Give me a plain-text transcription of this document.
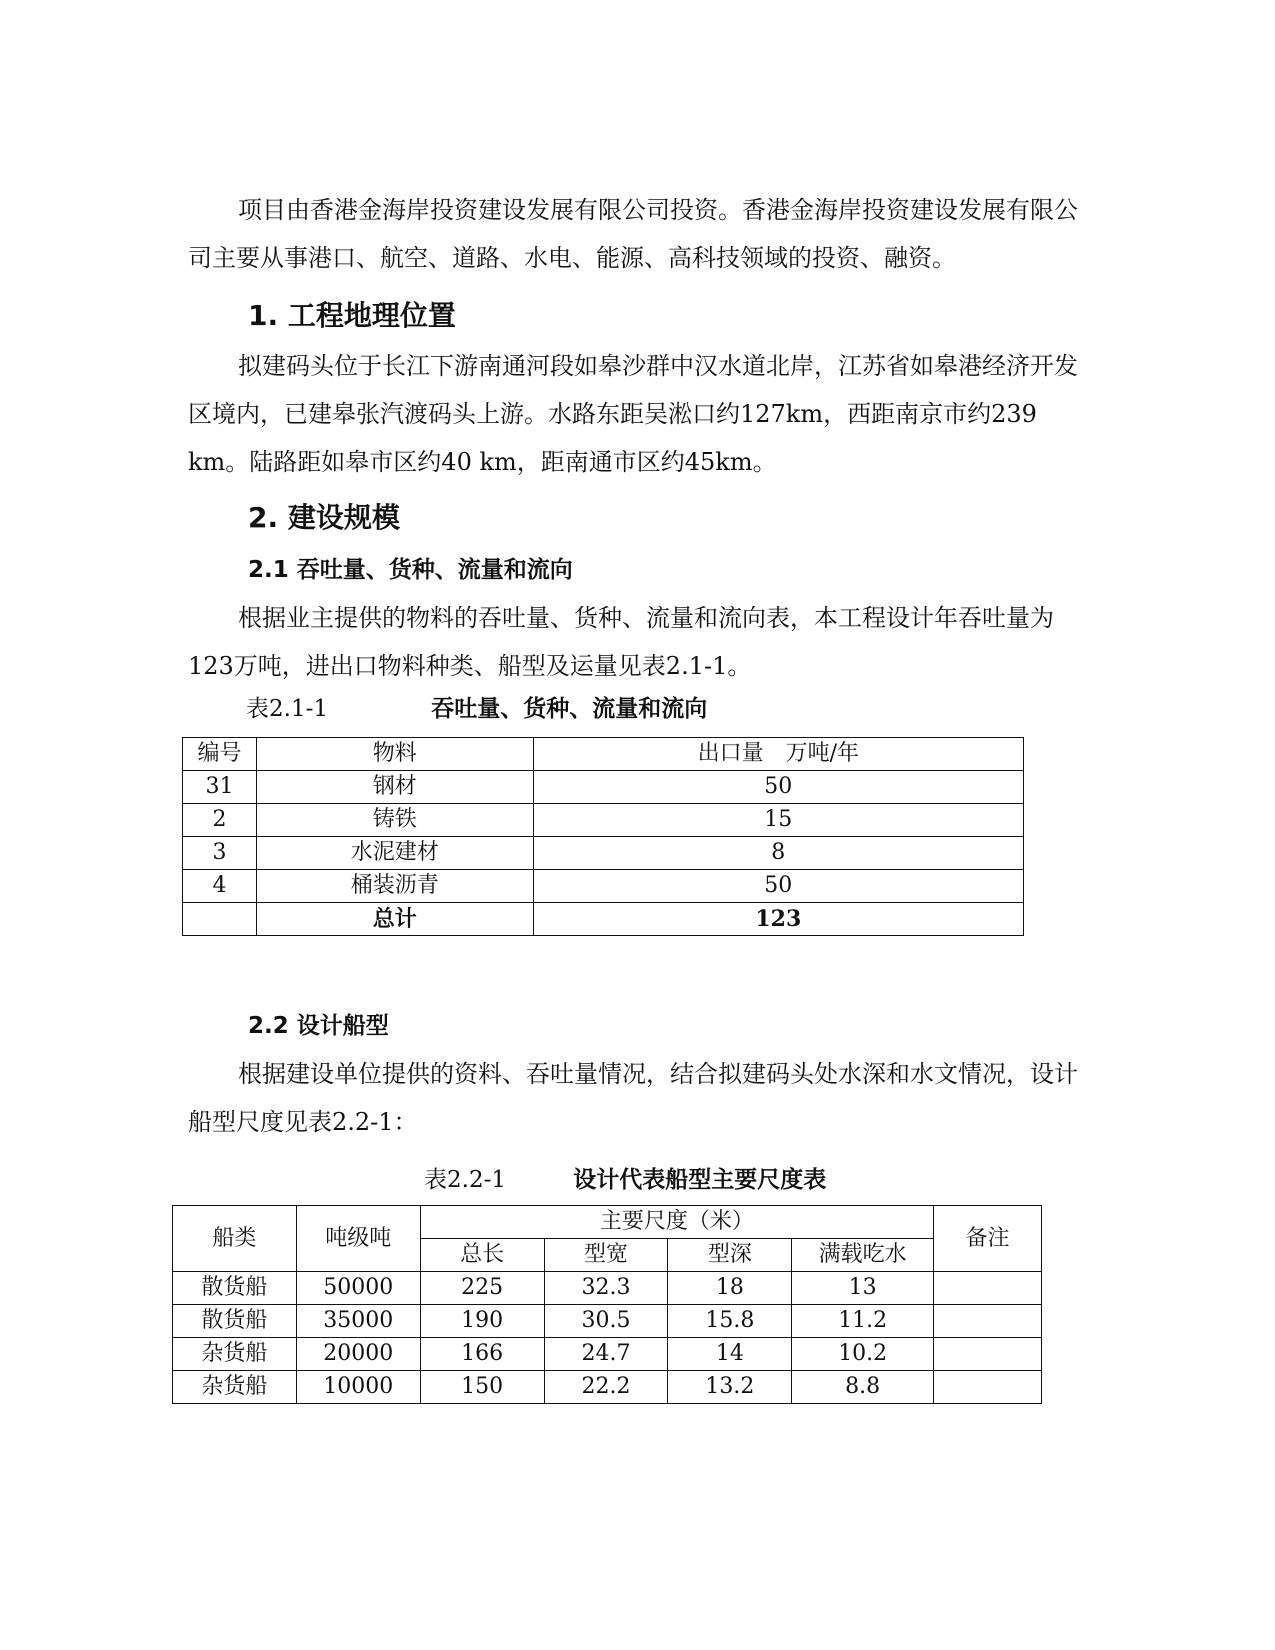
项目由香港金海岸投资建设发展有限公司投资。香港金海岸投资建设发展有限公司主要从事港口、航空、道路、水电、能源、高科技领域的投资、融资。

1. 工程地理位置

拟建码头位于长江下游南通河段如皋沙群中汉水道北岸，江苏省如皋港经济开发区境内，已建皋张汽渡码头上游。水路东距吴淞口约127km，西距南京市约239 km。陆路距如皋市区约40 km，距南通市区约45km。

2. 建设规模
2.1 吞吐量、货种、流量和流向

根据业主提供的物料的吞吐量、货种、流量和流向表，本工程设计年吞吐量为123万吨，进出口物料种类、船型及运量见表2.1-1。

表2.1-1	吞吐量、货种、流量和流向
编号	物料	出口量　万吨/年
31	钢材	50
2	铸铁	15
3	水泥建材	8
4	桶装沥青	50
	总计	123
2.2 设计船型

根据建设单位提供的资料、吞吐量情况，结合拟建码头处水深和水文情况，设计船型尺度见表2.2-1：

表2.2-1	设计代表船型主要尺度表
船类	吨级吨	主要尺度（米）				备注
		总长	型宽	型深	满载吃水	
散货船	50000	225	32.3	18	13	
散货船	35000	190	30.5	15.8	11.2	
杂货船	20000	166	24.7	14	10.2	
杂货船	10000	150	22.2	13.2	8.8	
